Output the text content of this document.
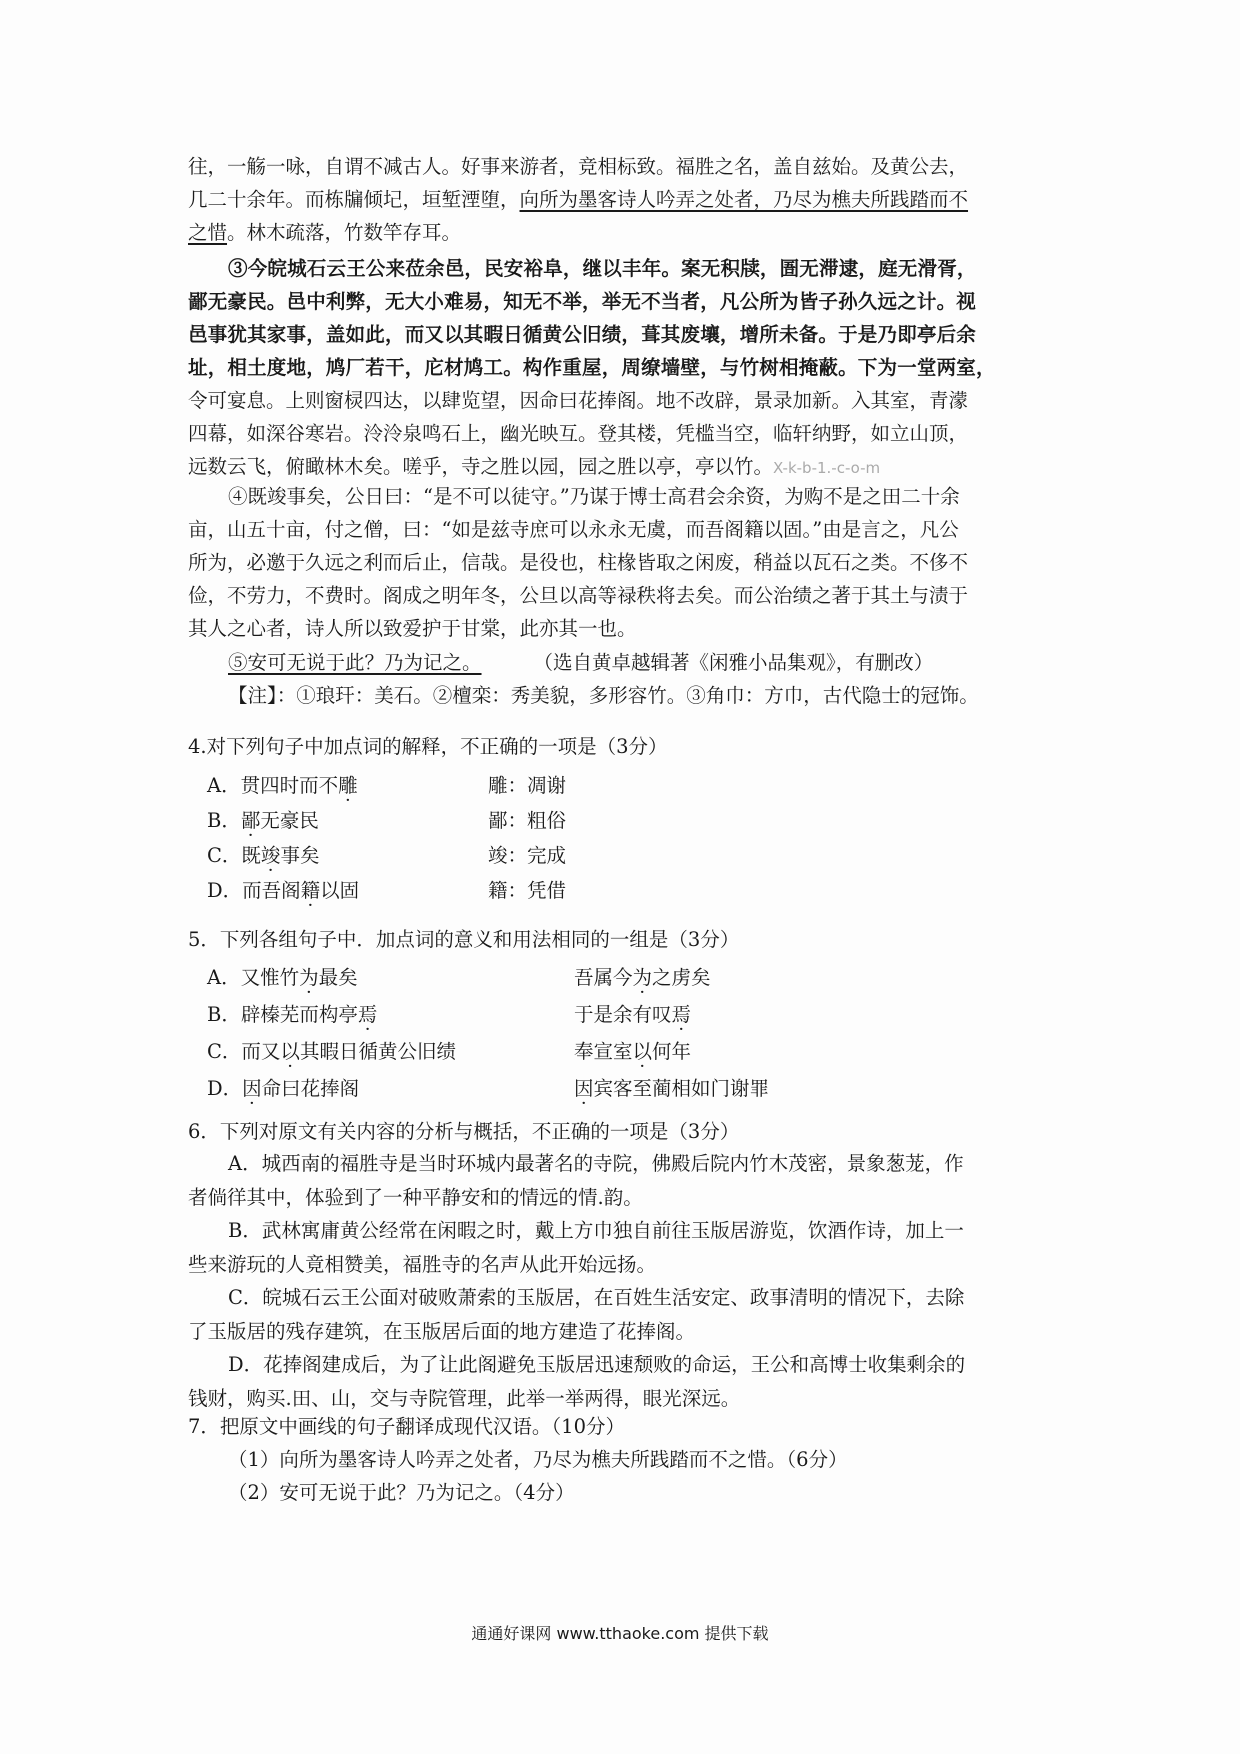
往，一觞一咏，自谓不减古人。好事来游者，竞相标致。福胜之名，盖自兹始。及黄公去，
几二十余年。而栋牖倾圮，垣堑湮堕，向所为墨客诗人吟弄之处者，乃尽为樵夫所践踏而不
之惜。林木疏落，竹数竿存耳。
③今皖城石云王公来莅余邑，民安裕阜，继以丰年。案无积牍，圄无滞逮，庭无滑胥，
鄙无豪民。邑中利弊，无大小难易，知无不举，举无不当者，凡公所为皆子孙久远之计。视
邑事犹其家事，盖如此，而又以其暇日循黄公旧绩，葺其废壤，增所未备。于是乃即亭后余
址，相土度地，鸠厂若干，庀材鸠工。构作重屋，周缭墙壁，与竹树相掩蔽。下为一堂两室，
令可宴息。上则窗棂四达，以肆览望，因命曰花捧阁。地不改辟，景录加新。入其室，青濛
四幕，如深谷寒岩。泠泠泉鸣石上，幽光映互。登其楼，凭槛当空，临轩纳野，如立山顶，
远数云飞，俯瞰林木矣。嗟乎，寺之胜以园，园之胜以亭，亭以竹。X-k-b-1.-c-o-m
④既竣事矣，公日曰：“是不可以徒守。”乃谋于博士高君会余资，为购不是之田二十余
亩，山五十亩，付之僧，曰：“如是兹寺庶可以永永无虞，而吾阁籍以固。”由是言之，凡公
所为，必邀于久远之利而后止，信哉。是役也，柱椽皆取之闲废，稍益以瓦石之类。不侈不
俭，不劳力，不费时。阁成之明年冬，公旦以高等禄秩将去矣。而公治绩之著于其土与渍于
其人之心者，诗人所以致爱护于甘棠，此亦其一也。
⑤安可无说于此？乃为记之。	（选自黄卓越辑著《闲雅小品集观》，有删改）
【注】：①琅玕：美石。②檀栾：秀美貌，多形容竹。③角巾：方巾，古代隐士的冠饰。
4.对下列句子中加点词的解释，不正确的一项是（3分）
A．贯四时而不雕	雕：凋谢
B．鄙无豪民	鄙：粗俗
C．既竣事矣	竣：完成
D．而吾阁籍以固	籍：凭借
5．下列各组句子中．加点词的意义和用法相同的一组是（3分）
A．又惟竹为最矣	吾属今为之虏矣
B．辟榛芜而构亭焉	于是余有叹焉
C．而又以其暇日循黄公旧绩	奉宣室以何年
D．因命曰花捧阁	因宾客至蔺相如门谢罪
6．下列对原文有关内容的分析与概括，不正确的一项是（3分）
A．城西南的福胜寺是当时环城内最著名的寺院，佛殿后院内竹木茂密，景象葱茏，作
者倘徉其中，体验到了一种平静安和的情远的情.韵。
B．武林寓庸黄公经常在闲暇之时，戴上方巾独自前往玉版居游览，饮酒作诗，加上一
些来游玩的人竟相赞美，福胜寺的名声从此开始远扬。
C．皖城石云王公面对破败萧索的玉版居，在百姓生活安定、政事清明的情况下，去除
了玉版居的残存建筑，在玉版居后面的地方建造了花捧阁。
D．花捧阁建成后，为了让此阁避免玉版居迅速颓败的命运，王公和高博士收集剩余的
钱财，购买.田、山，交与寺院管理，此举一举两得，眼光深远。
7．把原文中画线的句子翻译成现代汉语。（10分）
（1）向所为墨客诗人吟弄之处者，乃尽为樵夫所践踏而不之惜。（6分）
（2）安可无说于此？乃为记之。（4分）
通通好课网 www.tthaoke.com 提供下载
